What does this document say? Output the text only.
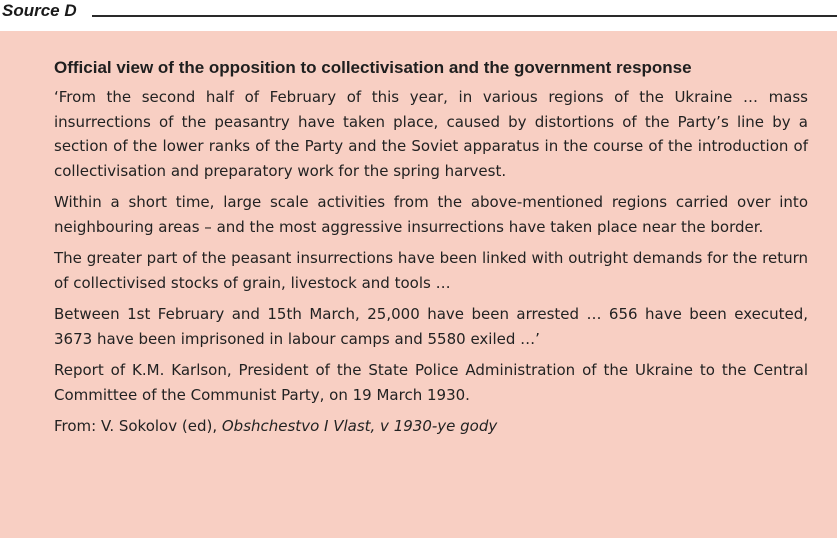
Source D

Official view of the opposition to collectivisation and the government response

‘From the second half of February of this year, in various regions of the Ukraine … mass insurrections of the peasantry have taken place, caused by distortions of the Party’s line by a section of the lower ranks of the Party and the Soviet apparatus in the course of the introduction of collectivisation and preparatory work for the spring harvest.

Within a short time, large scale activities from the above-mentioned regions carried over into neighbouring areas – and the most aggressive insurrections have taken place near the border.

The greater part of the peasant insurrections have been linked with outright demands for the return of collectivised stocks of grain, livestock and tools …

Between 1st February and 15th March, 25,000 have been arrested … 656 have been executed, 3673 have been imprisoned in labour camps and 5580 exiled …’

Report of K.M. Karlson, President of the State Police Administration of the Ukraine to the Central Committee of the Communist Party, on 19 March 1930.

From: V. Sokolov (ed), Obshchestvo I Vlast, v 1930-ye gody
